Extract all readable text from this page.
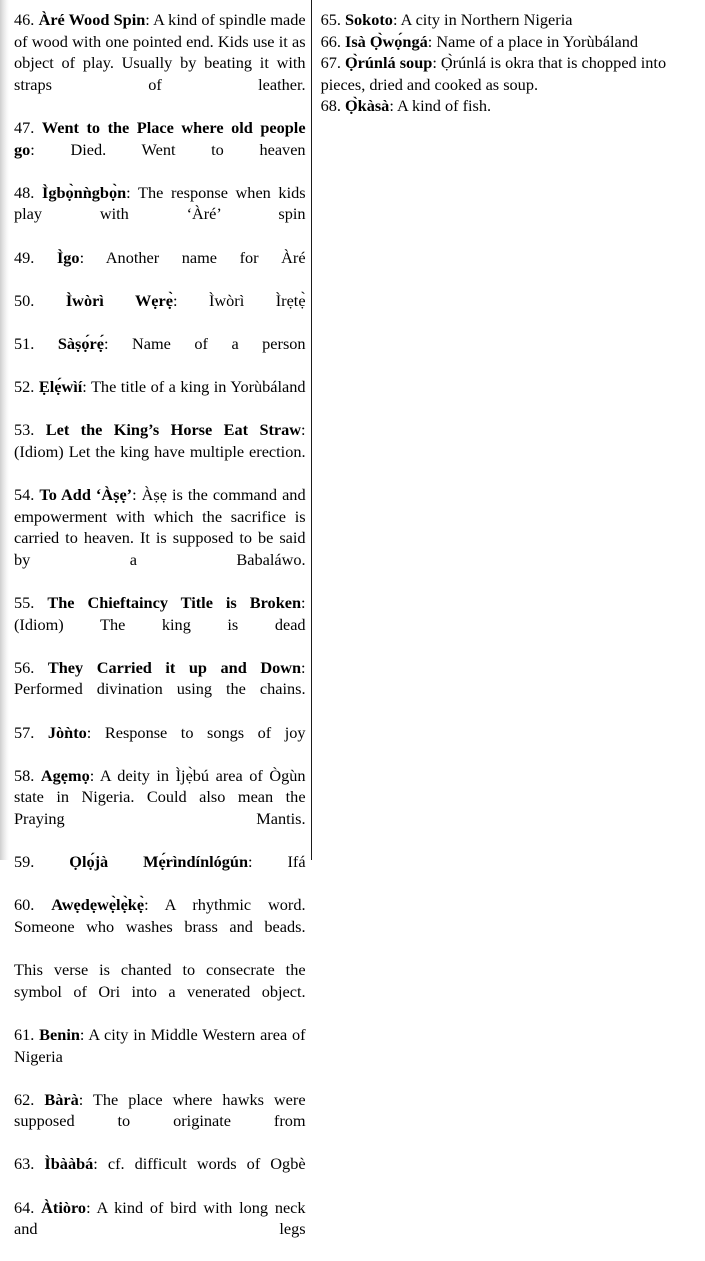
46. Àré Wood Spin: A kind of spindle made of wood with one pointed end. Kids use it as object of play. Usually by beating it with straps of leather.

47. Went to the Place where old people go: Died. Went to heaven

48. Ìgbọ̀nǹgbọ̀n: The response when kids play with ‘Àré’ spin

49. Ìgo: Another name for Àré

50. Ìwòrì Wẹrẹ̀: Ìwòrì Ìrẹtẹ̀

51. Sàṣọ́rẹ́: Name of a person

52. Ẹlẹ́wìí: The title of a king in Yorùbáland

53. Let the King’s Horse Eat Straw: (Idiom) Let the king have multiple erection.

54. To Add ‘Àṣẹ’: Àṣẹ is the command and empowerment with which the sacrifice is carried to heaven. It is supposed to be said by a Babaláwo.

55. The Chieftaincy Title is Broken: (Idiom) The king is dead

56. They Carried it up and Down: Performed divination using the chains.

57. Jòǹto: Response to songs of joy

58. Agẹmọ: A deity in Ìjẹ̀bú area of Ògùn state in Nigeria. Could also mean the Praying Mantis.

59. Ọlọ́jà Mẹ́rìndínlógún: Ifá

60. Awẹdẹwẹ̀lẹ̀kẹ̀: A rhythmic word. Someone who washes brass and beads.

This verse is chanted to consecrate the symbol of Ori into a venerated object.

61. Benin: A city in Middle Western area of Nigeria

62. Bàrà: The place where hawks were supposed to originate from

63. Ìbààbá: cf. difficult words of Ogbè

64. Àtiòro: A kind of bird with long neck and legs

65. Sokoto: A city in Northern Nigeria

66. Isà Ọ̀wọ́ngá: Name of a place in Yorùbáland

67. Ọ̀rúnlá soup: Ọ̀rúnlá is okra that is chopped into pieces, dried and cooked as soup.

68. Ọ̀kàsà: A kind of fish.
